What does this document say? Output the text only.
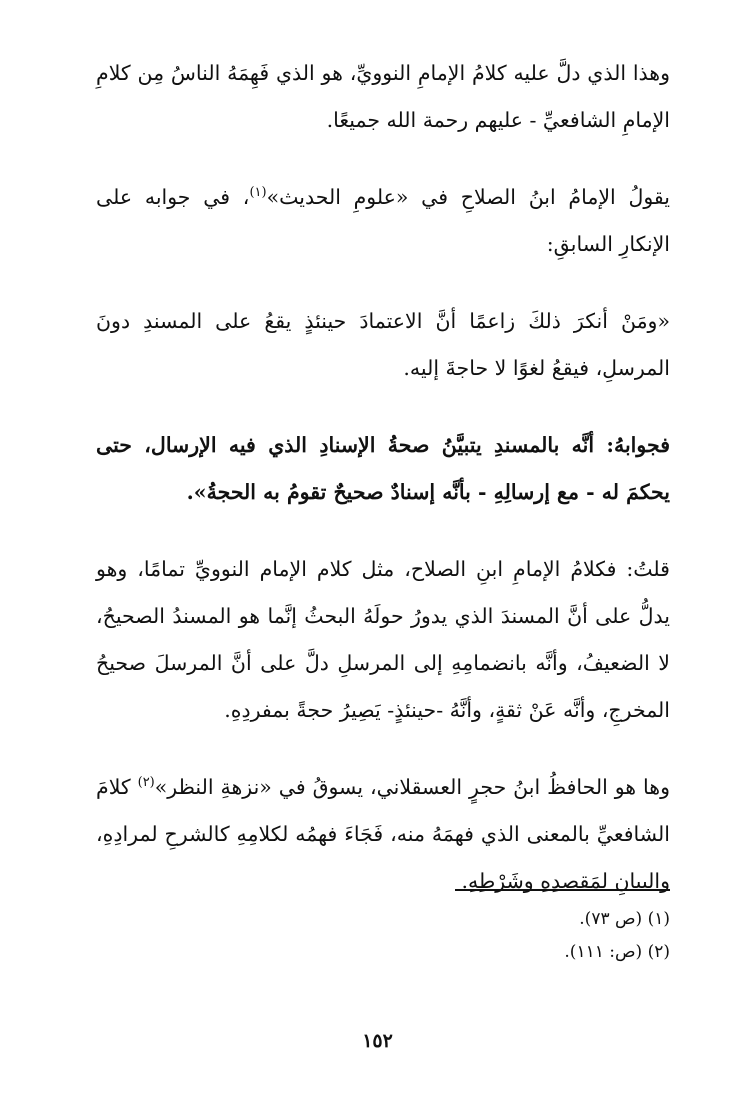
وهذا الذي دلَّ عليه كلامُ الإمامِ النوويِّ، هو الذي فَهِمَهُ الناسُ مِن كلامِ الإمامِ الشافعيِّ - عليهم رحمة الله جميعًا.

يقولُ الإمامُ ابنُ الصلاحِ في «علومِ الحديث»$^{(١)}$، في جوابه على الإنكارِ السابقِ:

«ومَنْ أنكرَ ذلكَ زاعمًا أنَّ الاعتمادَ حينئذٍ يقعُ على المسندِ دونَ المرسلِ، فيقعُ لغوًا لا حاجةَ إليه.

فجوابهُ: أنَّه بالمسندِ يتبيَّنُ صحةُ الإسنادِ الذي فيه الإرسال، حتى يحكمَ له - مع إرسالِهِ - بأنَّه إسنادٌ صحيحٌ تقومُ به الحجةُ».

قلتُ: فكلامُ الإمامِ ابنِ الصلاح، مثل كلام الإمام النوويِّ تمامًا، وهو يدلُّ على أنَّ المسندَ الذي يدورُ حولَهُ البحثُ إنَّما هو المسندُ الصحيحُ، لا الضعيفُ، وأنَّه بانضمامِهِ إلى المرسلِ دلَّ على أنَّ المرسلَ صحيحُ المخرجِ، وأنَّه عَنْ ثقةٍ، وأنَّهُ -حينئذٍ- يَصِيرُ حجةً بمفردِهِ.

وها هو الحافظُ ابنُ حجرٍ العسقلاني، يسوقُ في «نزهةِ النظر»$^{(٢)}$ كلامَ الشافعيِّ بالمعنى الذي فهمَهُ منه، فَجَاءَ فهمُه لكلامِهِ كالشرحِ لمرادِهِ، والبيانِ لمَقصدِهِ وشَرْطِهِ.

(١) (ص ٧٣).

(٢) (ص: ١١١).

١٥٢
